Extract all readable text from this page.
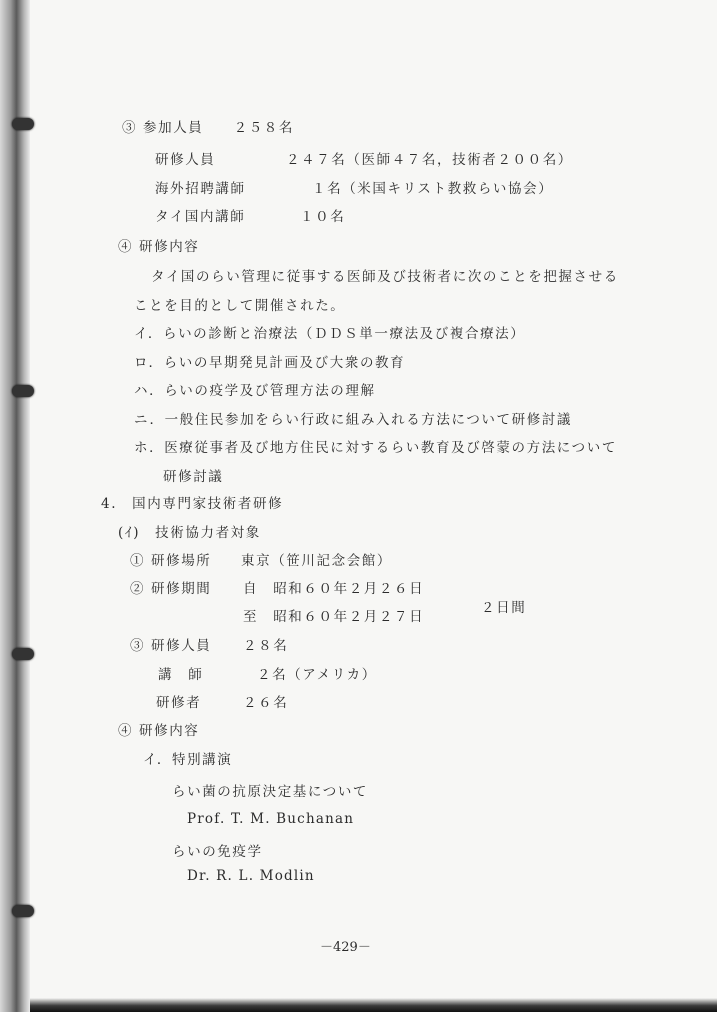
③ 参加人員　　２５８名
研修人員	２４７名（医師４７名，技術者２００名）
海外招聘講師	１名（米国キリスト教救らい協会）
タイ国内講師	１０名
④ 研修内容
タイ国のらい管理に従事する医師及び技術者に次のことを把握させる
ことを目的として開催された。
イ．らいの診断と治療法（ＤＤＳ単一療法及び複合療法）
ロ．らいの早期発見計画及び大衆の教育
ハ．らいの疫学及び管理方法の理解
ニ．一般住民参加をらい行政に組み入れる方法について研修討議
ホ．医療従事者及び地方住民に対するらい教育及び啓蒙の方法について
研修討議
4.　国内専門家技術者研修
(ｲ)　技術協力者対象
① 研修場所 東京（笹川記念会館）
② 研修期間 自　昭和６０年２月２６日
至　昭和６０年２月２７日
２日間
③ 研修人員 ２８名
講　師	２名（アメリカ）
研修者	２６名
④ 研修内容
イ．特別講演
らい菌の抗原決定基について
Prof. T. M. Buchanan
らいの免疫学
Dr. R. L. Modlin
－429－
